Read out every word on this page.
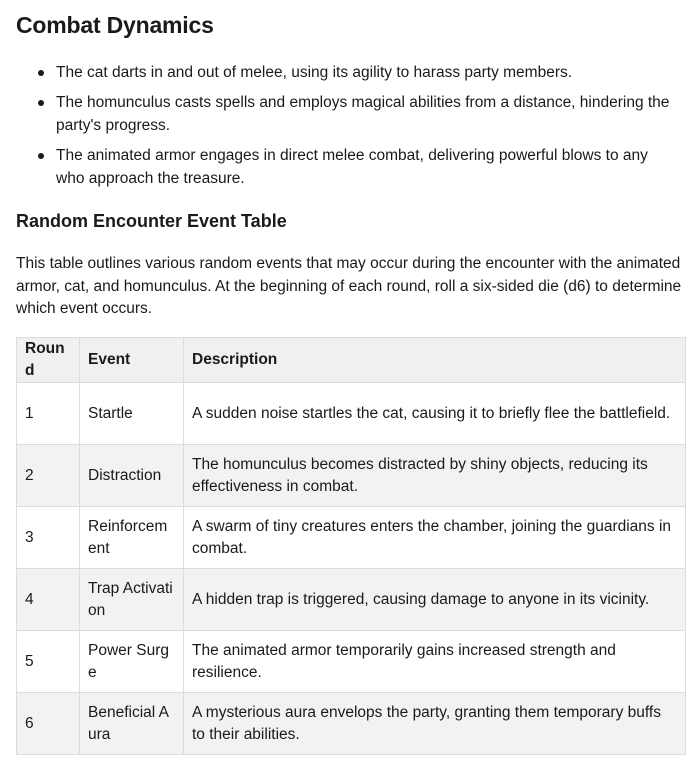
Combat Dynamics
The cat darts in and out of melee, using its agility to harass party members.
The homunculus casts spells and employs magical abilities from a distance, hindering the party's progress.
The animated armor engages in direct melee combat, delivering powerful blows to any who approach the treasure.
Random Encounter Event Table

This table outlines various random events that may occur during the encounter with the animated armor, cat, and homunculus. At the beginning of each round, roll a six-sided die (d6) to determine which event occurs.

Round	Event	Description
1	Startle	A sudden noise startles the cat, causing it to briefly flee the battlefield.
2	Distraction	The homunculus becomes distracted by shiny objects, reducing its effectiveness in combat.
3	Reinforcement	A swarm of tiny creatures enters the chamber, joining the guardians in combat.
4	Trap Activation	A hidden trap is triggered, causing damage to anyone in its vicinity.
5	Power Surge	The animated armor temporarily gains increased strength and resilience.
6	Beneficial Aura	A mysterious aura envelops the party, granting them temporary buffs to their abilities.
